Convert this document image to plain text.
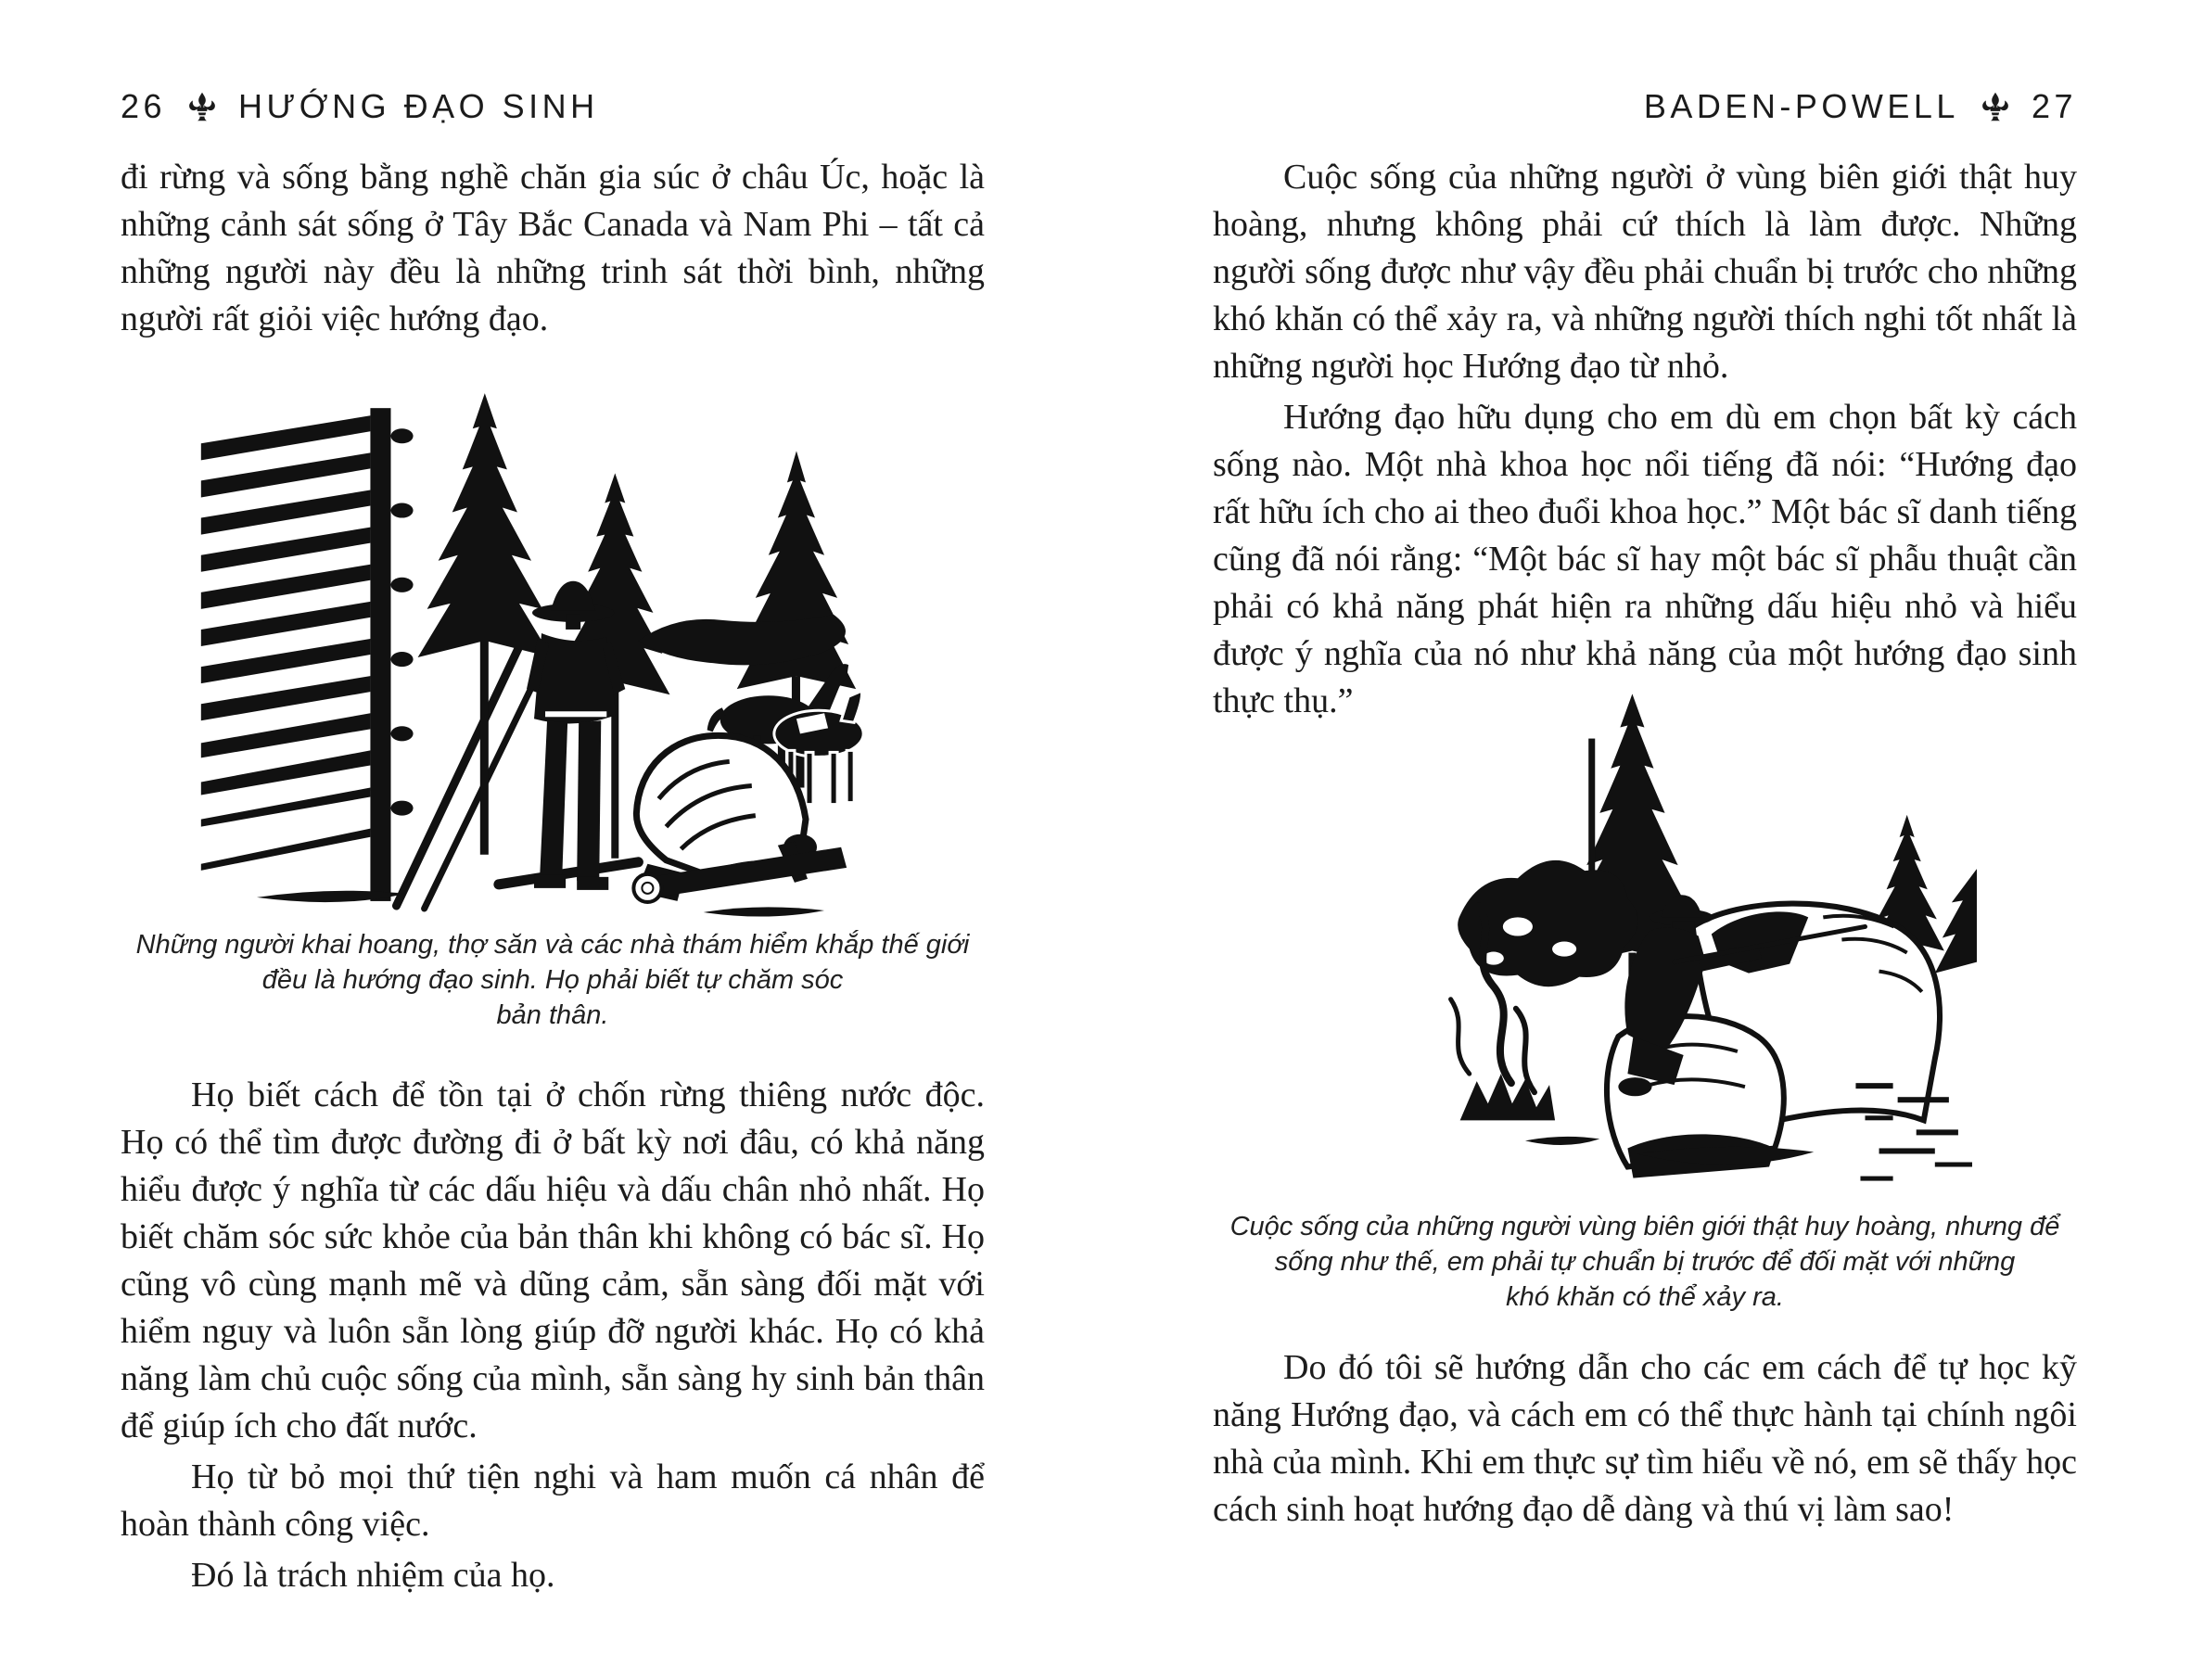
26 HƯỚNG ĐẠO SINH

đi rừng và sống bằng nghề chăn gia súc ở châu Úc, hoặc là những cảnh sát sống ở Tây Bắc Canada và Nam Phi – tất cả những người này đều là những trinh sát thời bình, những người rất giỏi việc hướng đạo.

Những người khai hoang, thợ săn và các nhà thám hiểm khắp thế giới
đều là hướng đạo sinh. Họ phải biết tự chăm sóc
bản thân.

Họ biết cách để tồn tại ở chốn rừng thiêng nước độc. Họ có thể tìm được đường đi ở bất kỳ nơi đâu, có khả năng hiểu được ý nghĩa từ các dấu hiệu và dấu chân nhỏ nhất. Họ biết chăm sóc sức khỏe của bản thân khi không có bác sĩ. Họ cũng vô cùng mạnh mẽ và dũng cảm, sẵn sàng đối mặt với hiểm nguy và luôn sẵn lòng giúp đỡ người khác. Họ có khả năng làm chủ cuộc sống của mình, sẵn sàng hy sinh bản thân để giúp ích cho đất nước.

Họ từ bỏ mọi thứ tiện nghi và ham muốn cá nhân để hoàn thành công việc.

Đó là trách nhiệm của họ.

BADEN-POWELL 27

Cuộc sống của những người ở vùng biên giới thật huy hoàng, nhưng không phải cứ thích là làm được. Những người sống được như vậy đều phải chuẩn bị trước cho những khó khăn có thể xảy ra, và những người thích nghi tốt nhất là những người học Hướng đạo từ nhỏ.

Hướng đạo hữu dụng cho em dù em chọn bất kỳ cách sống nào. Một nhà khoa học nổi tiếng đã nói: “Hướng đạo rất hữu ích cho ai theo đuổi khoa học.” Một bác sĩ danh tiếng cũng đã nói rằng: “Một bác sĩ hay một bác sĩ phẫu thuật cần phải có khả năng phát hiện ra những dấu hiệu nhỏ và hiểu được ý nghĩa của nó như khả năng của một hướng đạo sinh thực thụ.”

Cuộc sống của những người vùng biên giới thật huy hoàng, nhưng để
sống như thế, em phải tự chuẩn bị trước để đối mặt với những
khó khăn có thể xảy ra.

Do đó tôi sẽ hướng dẫn cho các em cách để tự học kỹ năng Hướng đạo, và cách em có thể thực hành tại chính ngôi nhà của mình. Khi em thực sự tìm hiểu về nó, em sẽ thấy học cách sinh hoạt hướng đạo dễ dàng và thú vị làm sao!
